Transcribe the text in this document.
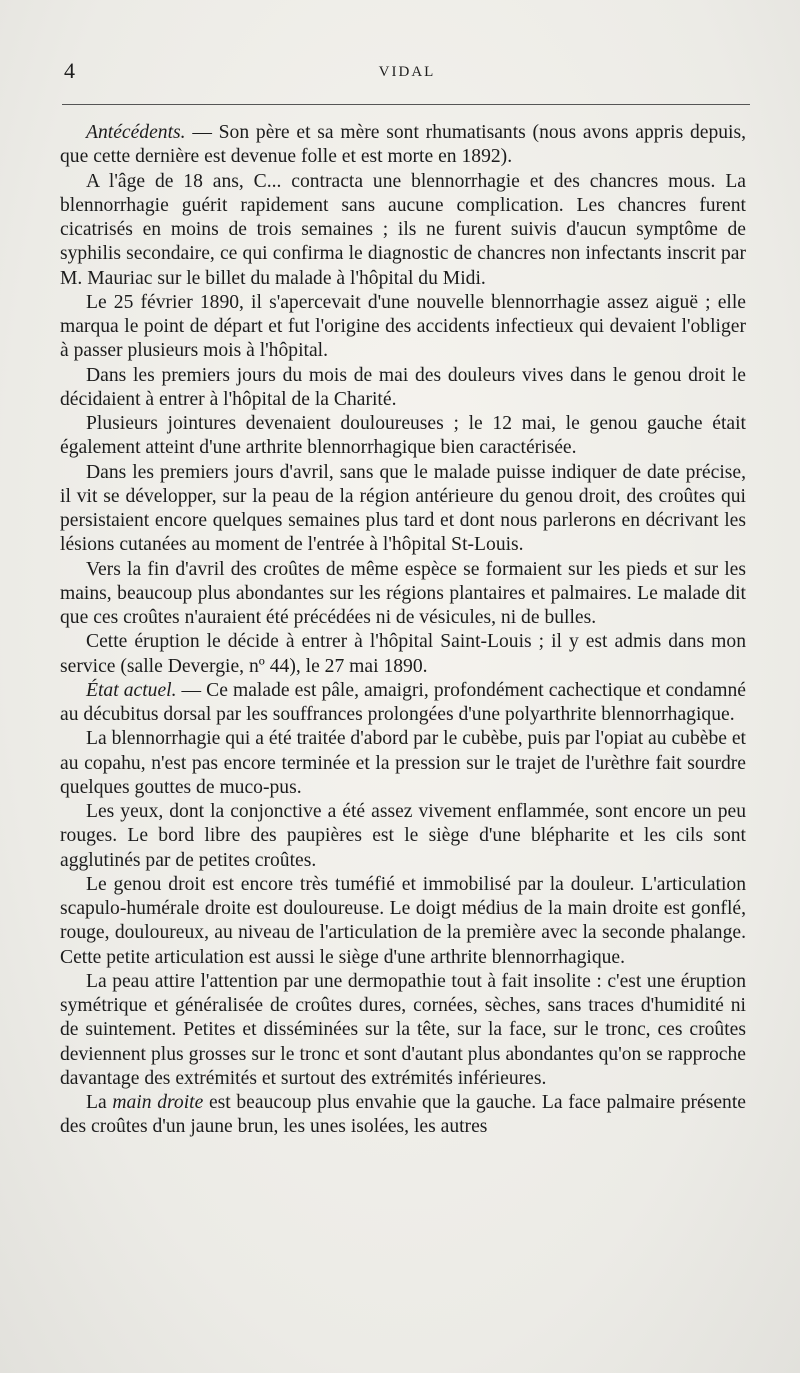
4	VIDAL

Antécédents. — Son père et sa mère sont rhumatisants (nous avons appris depuis, que cette dernière est devenue folle et est morte en 1892).

A l'âge de 18 ans, C... contracta une blennorrhagie et des chancres mous. La blennorrhagie guérit rapidement sans aucune complication. Les chancres furent cicatrisés en moins de trois semaines ; ils ne furent suivis d'aucun symptôme de syphilis secondaire, ce qui confirma le diagnostic de chancres non infectants inscrit par M. Mauriac sur le billet du malade à l'hôpital du Midi.

Le 25 février 1890, il s'apercevait d'une nouvelle blennorrhagie assez aiguë ; elle marqua le point de départ et fut l'origine des accidents infectieux qui devaient l'obliger à passer plusieurs mois à l'hôpital.

Dans les premiers jours du mois de mai des douleurs vives dans le genou droit le décidaient à entrer à l'hôpital de la Charité.

Plusieurs jointures devenaient douloureuses ; le 12 mai, le genou gauche était également atteint d'une arthrite blennorrhagique bien caractérisée.

Dans les premiers jours d'avril, sans que le malade puisse indiquer de date précise, il vit se développer, sur la peau de la région antérieure du genou droit, des croûtes qui persistaient encore quelques semaines plus tard et dont nous parlerons en décrivant les lésions cutanées au moment de l'entrée à l'hôpital St-Louis.

Vers la fin d'avril des croûtes de même espèce se formaient sur les pieds et sur les mains, beaucoup plus abondantes sur les régions plantaires et palmaires. Le malade dit que ces croûtes n'auraient été précédées ni de vésicules, ni de bulles.

Cette éruption le décide à entrer à l'hôpital Saint-Louis ; il y est admis dans mon service (salle Devergie, nº 44), le 27 mai 1890.

État actuel. — Ce malade est pâle, amaigri, profondément cachectique et condamné au décubitus dorsal par les souffrances prolongées d'une polyarthrite blennorrhagique.

La blennorrhagie qui a été traitée d'abord par le cubèbe, puis par l'opiat au cubèbe et au copahu, n'est pas encore terminée et la pression sur le trajet de l'urèthre fait sourdre quelques gouttes de muco-pus.

Les yeux, dont la conjonctive a été assez vivement enflammée, sont encore un peu rouges. Le bord libre des paupières est le siège d'une blépharite et les cils sont agglutinés par de petites croûtes.

Le genou droit est encore très tuméfié et immobilisé par la douleur. L'articulation scapulo-humérale droite est douloureuse. Le doigt médius de la main droite est gonflé, rouge, douloureux, au niveau de l'articulation de la première avec la seconde phalange. Cette petite articulation est aussi le siège d'une arthrite blennorrhagique.

La peau attire l'attention par une dermopathie tout à fait insolite : c'est une éruption symétrique et généralisée de croûtes dures, cornées, sèches, sans traces d'humidité ni de suintement. Petites et disséminées sur la tête, sur la face, sur le tronc, ces croûtes deviennent plus grosses sur le tronc et sont d'autant plus abondantes qu'on se rapproche davantage des extrémités et surtout des extrémités inférieures.

La main droite est beaucoup plus envahie que la gauche. La face palmaire présente des croûtes d'un jaune brun, les unes isolées, les autres
